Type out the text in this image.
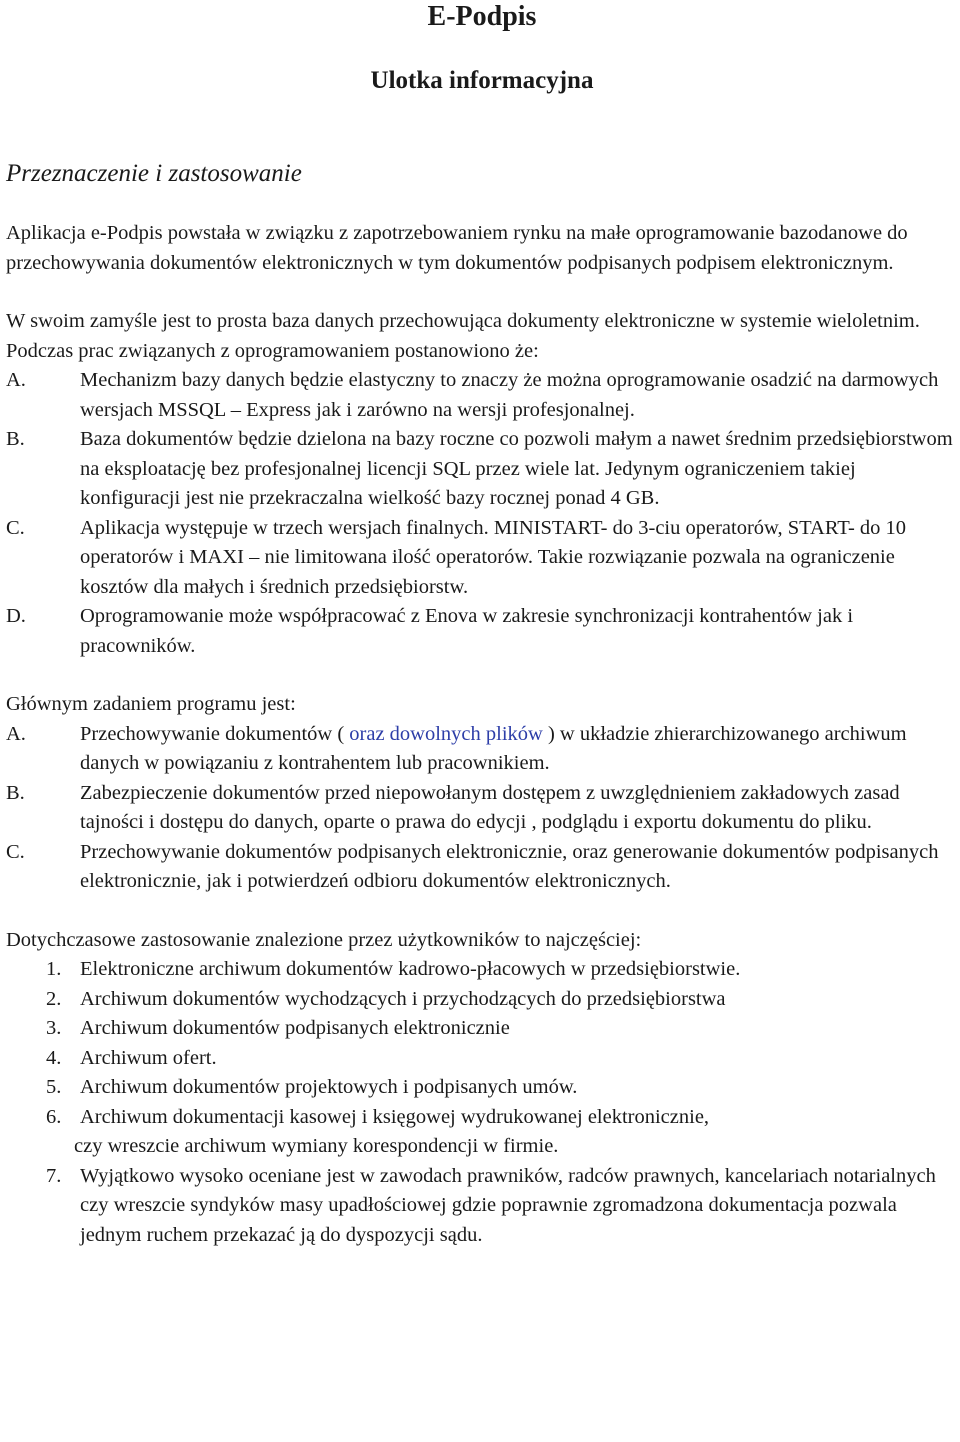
E-Podpis
Ulotka informacyjna
Przeznaczenie i zastosowanie

Aplikacja e-Podpis powstała w związku z zapotrzebowaniem rynku na małe oprogramowanie bazodanowe do przechowywania dokumentów elektronicznych w tym dokumentów podpisanych podpisem elektronicznym.

W swoim zamyśle jest to prosta baza danych przechowująca dokumenty elektroniczne w systemie wieloletnim. Podczas prac związanych z oprogramowaniem postanowiono że:

A.	Mechanizm bazy danych będzie elastyczny to znaczy że można oprogramowanie osadzić na darmowych wersjach MSSQL – Express jak i zarówno na wersji profesjonalnej.
B.	Baza dokumentów będzie dzielona na bazy roczne co pozwoli małym a nawet średnim przedsiębiorstwom na eksploatację bez profesjonalnej licencji SQL przez wiele lat. Jedynym ograniczeniem takiej konfiguracji jest nie przekraczalna wielkość bazy rocznej ponad 4 GB.
C.	Aplikacja występuje w trzech wersjach finalnych. MINISTART- do 3-ciu operatorów, START- do 10 operatorów i MAXI – nie limitowana ilość operatorów. Takie rozwiązanie pozwala na ograniczenie kosztów dla małych i średnich przedsiębiorstw.
D.	Oprogramowanie może współpracować z Enova w zakresie synchronizacji kontrahentów jak i pracowników.

Głównym zadaniem programu jest:

A.	Przechowywanie dokumentów ( oraz dowolnych plików ) w układzie zhierarchizowanego archiwum danych w powiązaniu z kontrahentem lub pracownikiem.
B.	Zabezpieczenie dokumentów przed niepowołanym dostępem z uwzględnieniem zakładowych zasad tajności i dostępu do danych, oparte o prawa do edycji , podglądu i exportu dokumentu do pliku.
C.	Przechowywanie dokumentów podpisanych elektronicznie, oraz generowanie dokumentów podpisanych elektronicznie, jak i potwierdzeń odbioru dokumentów elektronicznych.

Dotychczasowe zastosowanie znalezione przez użytkowników to najczęściej:

1. Elektroniczne archiwum dokumentów kadrowo-płacowych w przedsiębiorstwie.
2. Archiwum dokumentów wychodzących i przychodzących do przedsiębiorstwa
3. Archiwum dokumentów podpisanych elektronicznie
4. Archiwum ofert.
5. Archiwum dokumentów projektowych i podpisanych umów.
6. Archiwum dokumentacji kasowej i księgowej wydrukowanej elektronicznie,

czy wreszcie archiwum wymiany korespondencji w firmie.

7. Wyjątkowo wysoko oceniane jest w zawodach prawników, radców prawnych, kancelariach notarialnych czy wreszcie syndyków masy upadłościowej gdzie poprawnie zgromadzona dokumentacja pozwala jednym ruchem przekazać ją do dyspozycji sądu.
